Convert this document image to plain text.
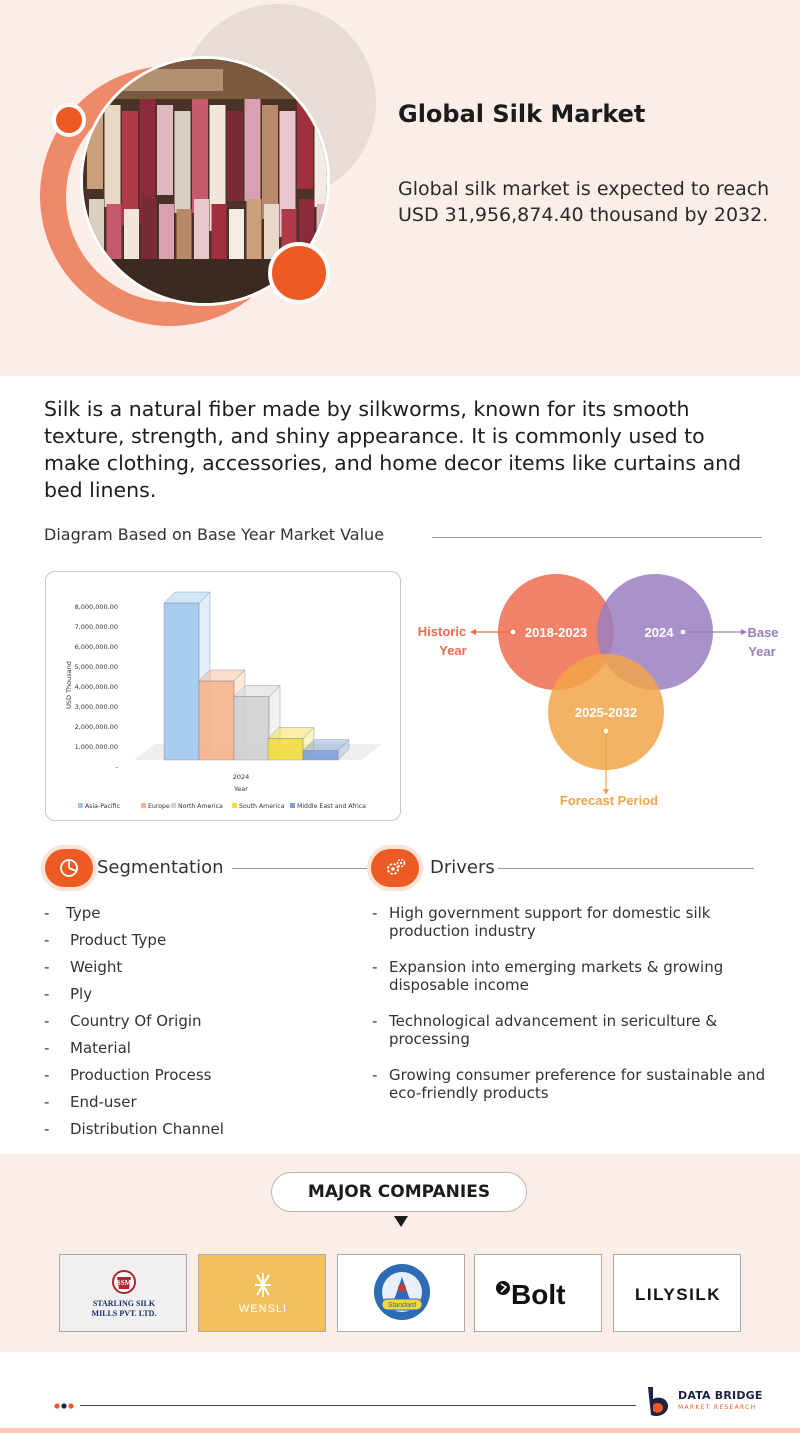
Global Silk Market
Global silk market is expected to reach USD 31,956,874.40 thousand by 2032.
Silk is a natural fiber made by silkworms, known for its smooth texture, strength, and shiny appearance. It is commonly used to make clothing, accessories, and home decor items like curtains and bed linens.
Diagram Based on Base Year Market Value
8,000,000.00
7,000,000.00
6,000,000.00
5,000,000.00
4,000,000.00
3,000,000.00
2,000,000.00
1,000,000.00
-
USD Thousand
2024
Year
Asia-Pacific	Europe North America	South America Middle East and Africa
2018-2023	2024
2025-2032
Historic
Year
Base
Year
Forecast Period
Segmentation
-	Type
-	Product Type
-	Weight
-	Ply
-	Country Of Origin
-	Material
-	Production Process
-	End-user
-	Distribution Channel
Drivers
- High government support for domestic silk production industry
- Expansion into emerging markets & growing disposable income
- Technological advancement in sericulture & processing
- Growing consumer preference for sustainable and eco-friendly products
MAJOR COMPANIES
SSM
STARLING SILK
MILLS PVT. LTD.	WENSLI	Standard	Bolt	LILYSILK
DATA BRIDGE
MARKET RESEARCH
